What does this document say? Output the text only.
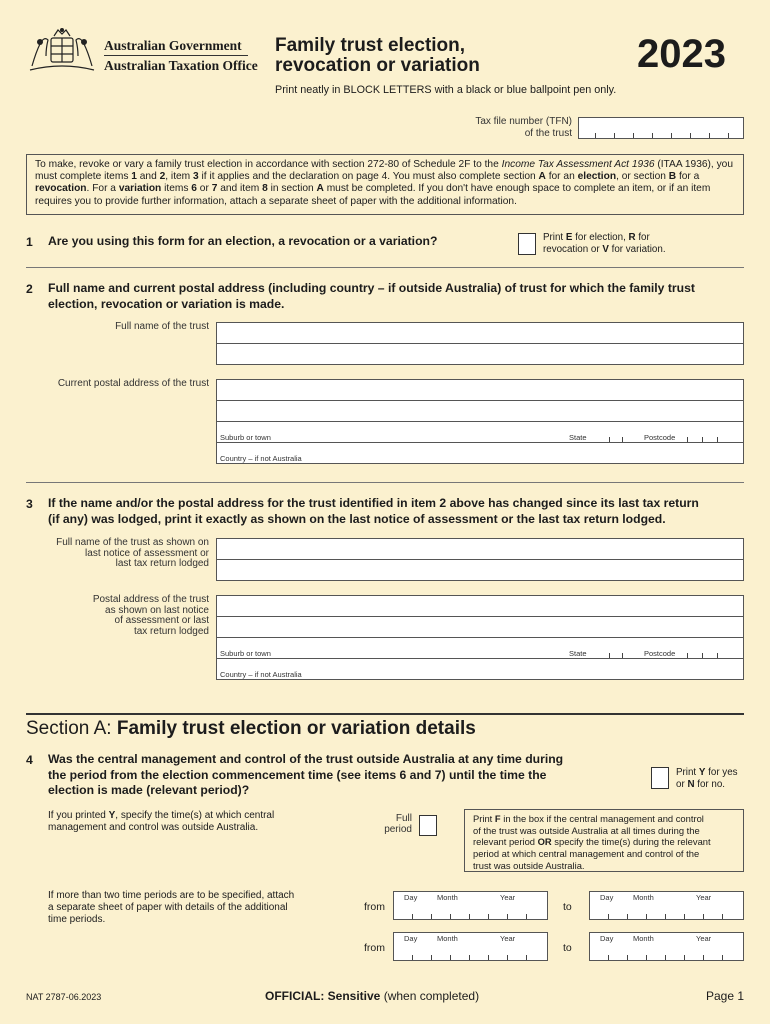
Australian Government
Australian Taxation Office
Family trust election,
revocation or variation	2023
Print neatly in BLOCK LETTERS with a black or blue ballpoint pen only.
Tax file number (TFN)
of the trust
To make, revoke or vary a family trust election in accordance with section 272-80 of Schedule 2F to the Income Tax Assessment Act 1936 (ITAA 1936), you must complete items 1 and 2, item 3 if it applies and the declaration on page 4. You must also complete section A for an election, or section B for a revocation. For a variation items 6 or 7 and item 8 in section A must be completed. If you don't have enough space to complete an item, or if an item requires you to provide further information, attach a separate sheet of paper with the additional information.
1 Are you using this form for an election, a revocation or a variation?	Print E for election, R for
revocation or V for variation.
2 Full name and current postal address (including country – if outside Australia) of trust for which the family trust
election, revocation or variation is made.
Full name of the trust
Current postal address of the trust
Suburb or town	State	Postcode
Country – if not Australia
3 If the name and/or the postal address for the trust identified in item 2 above has changed since its last tax return
(if any) was lodged, print it exactly as shown on the last notice of assessment or the last tax return lodged.
Full name of the trust as shown on
last notice of assessment or
last tax return lodged
Postal address of the trust
as shown on last notice
of assessment or last
tax return lodged
Suburb or town	State	Postcode
Country – if not Australia
Section A: Family trust election or variation details
4 Was the central management and control of the trust outside Australia at any time during
the period from the election commencement time (see items 6 and 7) until the time the
election is made (relevant period)?
Print Y for yes
or N for no.
If you printed Y, specify the time(s) at which central
management and control was outside Australia.
Full
period
Print F in the box if the central management and control
of the trust was outside Australia at all times during the
relevant period OR specify the time(s) during the relevant
period at which central management and control of the
trust was outside Australia.
If more than two time periods are to be specified, attach
a separate sheet of paper with details of the additional
time periods.
from
Day	Month	Year
to
Day	Month	Year
from
Day	Month	Year
to
Day	Month	Year
NAT 2787-06.2023	OFFICIAL: Sensitive (when completed)	Page 1
